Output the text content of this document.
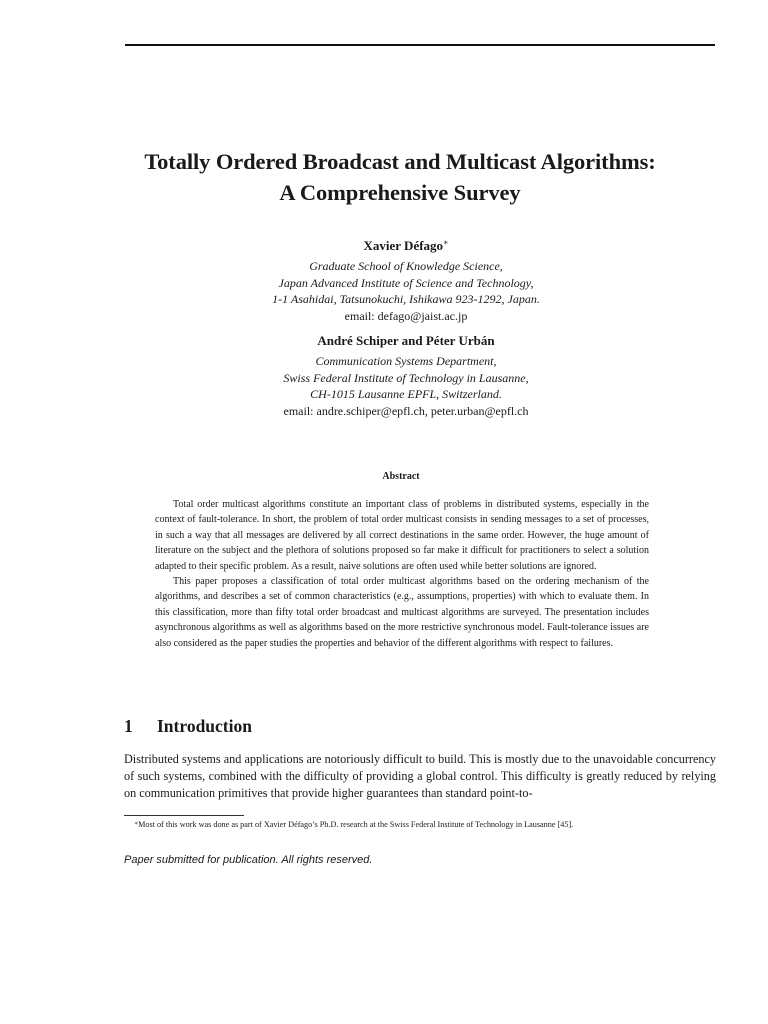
Totally Ordered Broadcast and Multicast Algorithms:
A Comprehensive Survey
Xavier Défago∗
Graduate School of Knowledge Science,
Japan Advanced Institute of Science and Technology,
1-1 Asahidai, Tatsunokuchi, Ishikawa 923-1292, Japan.
email: defago@jaist.ac.jp
André Schiper and Péter Urbán
Communication Systems Department,
Swiss Federal Institute of Technology in Lausanne,
CH-1015 Lausanne EPFL, Switzerland.
email: andre.schiper@epfl.ch, peter.urban@epfl.ch
Abstract

Total order multicast algorithms constitute an important class of problems in distributed systems, especially in the context of fault-tolerance. In short, the problem of total order multicast consists in sending messages to a set of processes, in such a way that all messages are delivered by all correct destinations in the same order. However, the huge amount of literature on the subject and the plethora of solutions proposed so far make it difficult for practitioners to select a solution adapted to their specific problem. As a result, naive solutions are often used while better solutions are ignored.

This paper proposes a classification of total order multicast algorithms based on the ordering mechanism of the algorithms, and describes a set of common characteristics (e.g., assumptions, properties) with which to evaluate them. In this classification, more than fifty total order broadcast and multicast algorithms are surveyed. The presentation includes asynchronous algorithms as well as algorithms based on the more restrictive synchronous model. Fault-tolerance issues are also considered as the paper studies the properties and behavior of the different algorithms with respect to failures.

1 Introduction

Distributed systems and applications are notoriously difficult to build. This is mostly due to the unavoidable concurrency of such systems, combined with the difficulty of providing a global control. This difficulty is greatly reduced by relying on communication primitives that provide higher guarantees than standard point-to-

∗Most of this work was done as part of Xavier Défago’s Ph.D. research at the Swiss Federal Institute of Technology in Lausanne [45].
Paper submitted for publication. All rights reserved.
